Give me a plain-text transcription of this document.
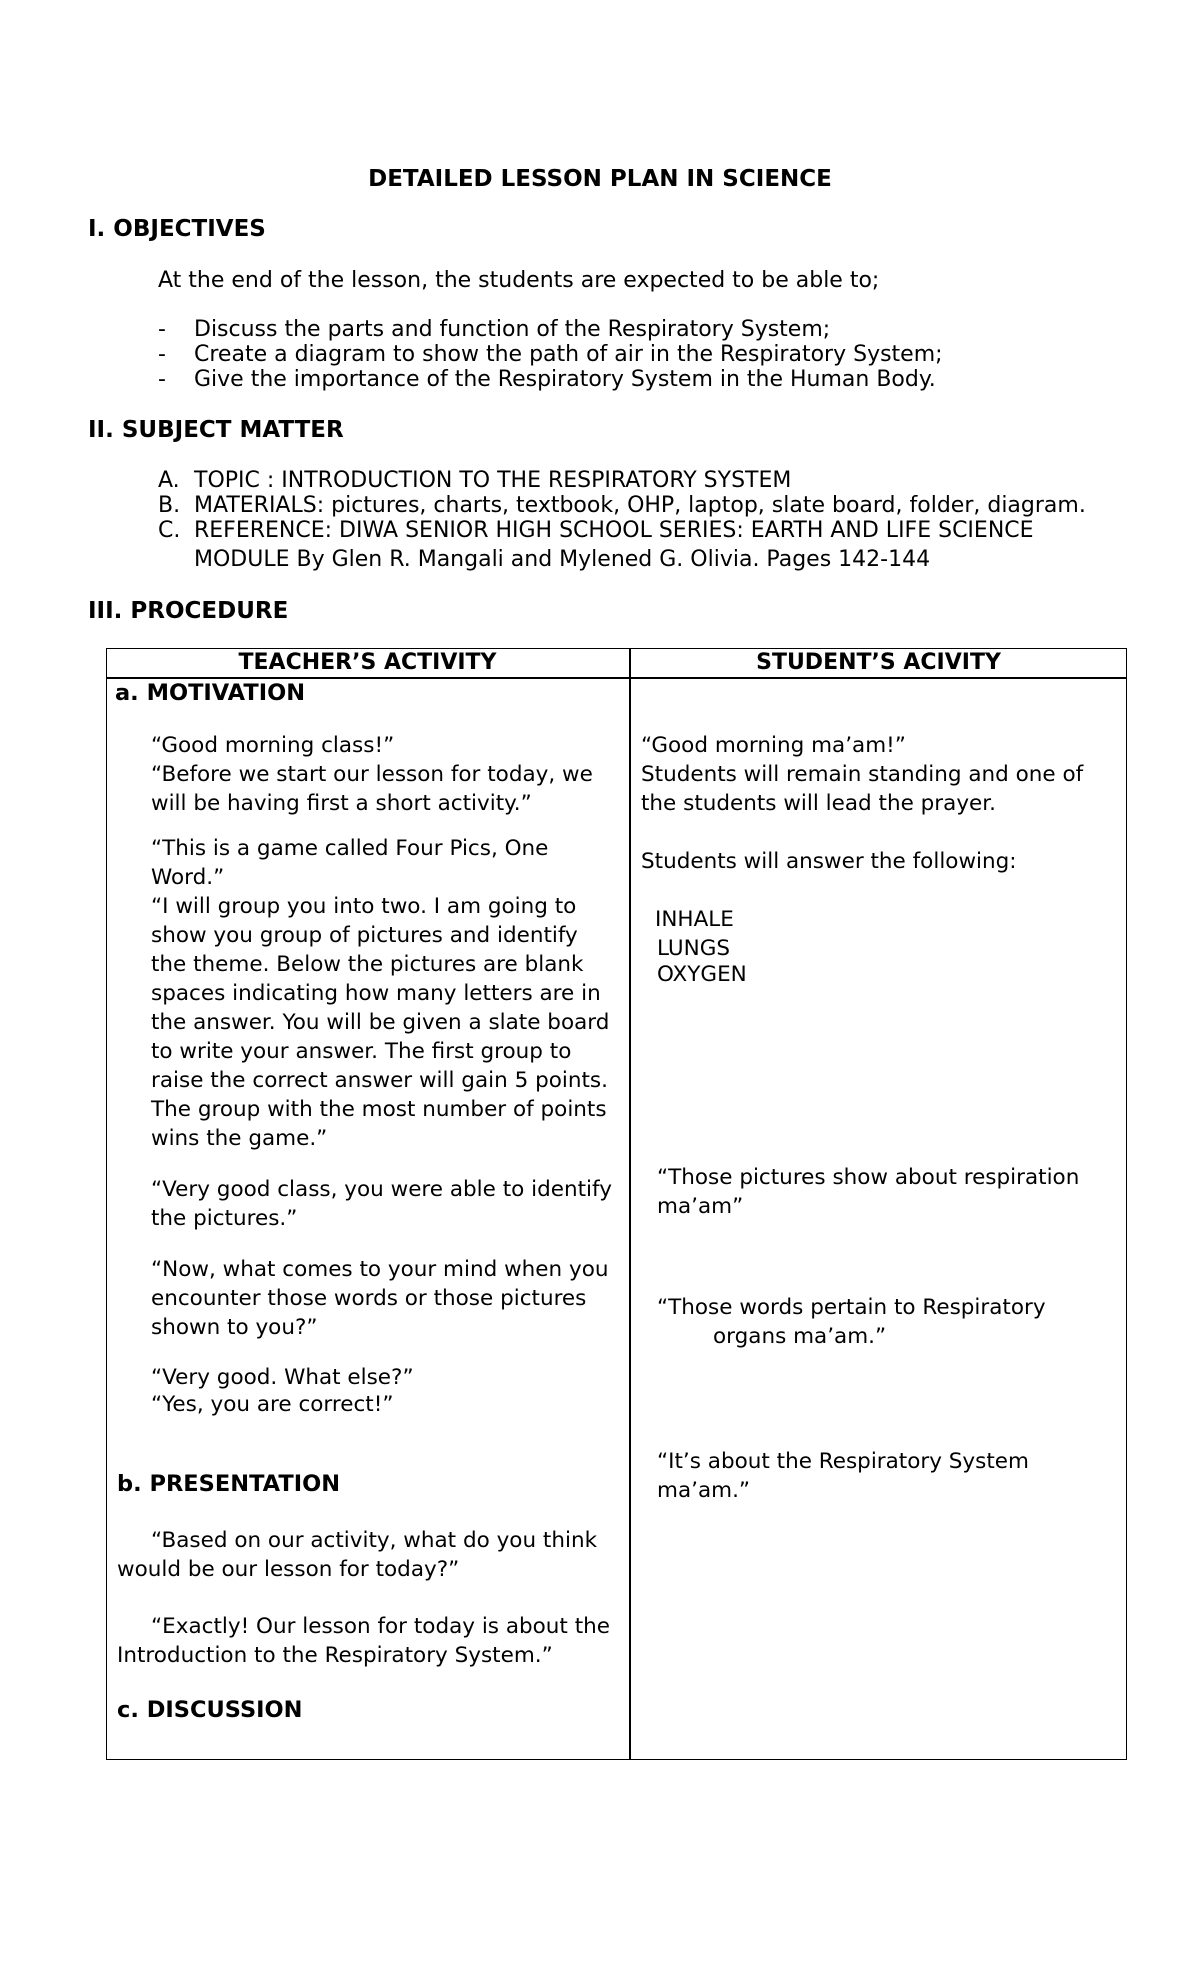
DETAILED LESSON PLAN IN SCIENCE
I. OBJECTIVES
At the end of the lesson, the students are expected to be able to;
- Discuss the parts and function of the Respiratory System;
- Create a diagram to show the path of air in the Respiratory System;
- Give the importance of the Respiratory System in the Human Body.
II. SUBJECT MATTER
A. TOPIC : INTRODUCTION TO THE RESPIRATORY SYSTEM
B. MATERIALS: pictures, charts, textbook, OHP, laptop, slate board, folder, diagram.
C. REFERENCE: DIWA SENIOR HIGH SCHOOL SERIES: EARTH AND LIFE SCIENCE
MODULE By Glen R. Mangali and Mylened G. Olivia. Pages 142-144
III. PROCEDURE
TEACHER’S ACTIVITY	STUDENT’S ACIVITY
a. MOTIVATION
“Good morning class!”
“Before we start our lesson for today, we
will be having first a short activity.”
“This is a game called Four Pics, One
Word.”
“I will group you into two. I am going to
show you group of pictures and identify
the theme. Below the pictures are blank
spaces indicating how many letters are in
the answer. You will be given a slate board
to write your answer. The first group to
raise the correct answer will gain 5 points.
The group with the most number of points
wins the game.”
“Very good class, you were able to identify
the pictures.”
“Now, what comes to your mind when you
encounter those words or those pictures
shown to you?”
“Very good. What else?”
“Yes, you are correct!”
b. PRESENTATION
“Based on our activity, what do you think
would be our lesson for today?”
“Exactly! Our lesson for today is about the
Introduction to the Respiratory System.”
c. DISCUSSION
“Good morning ma’am!”
Students will remain standing and one of
the students will lead the prayer.
Students will answer the following:
INHALE
LUNGS
OXYGEN
“Those pictures show about respiration
ma’am”
“Those words pertain to Respiratory
organs ma’am.”
“It’s about the Respiratory System
ma’am.”
